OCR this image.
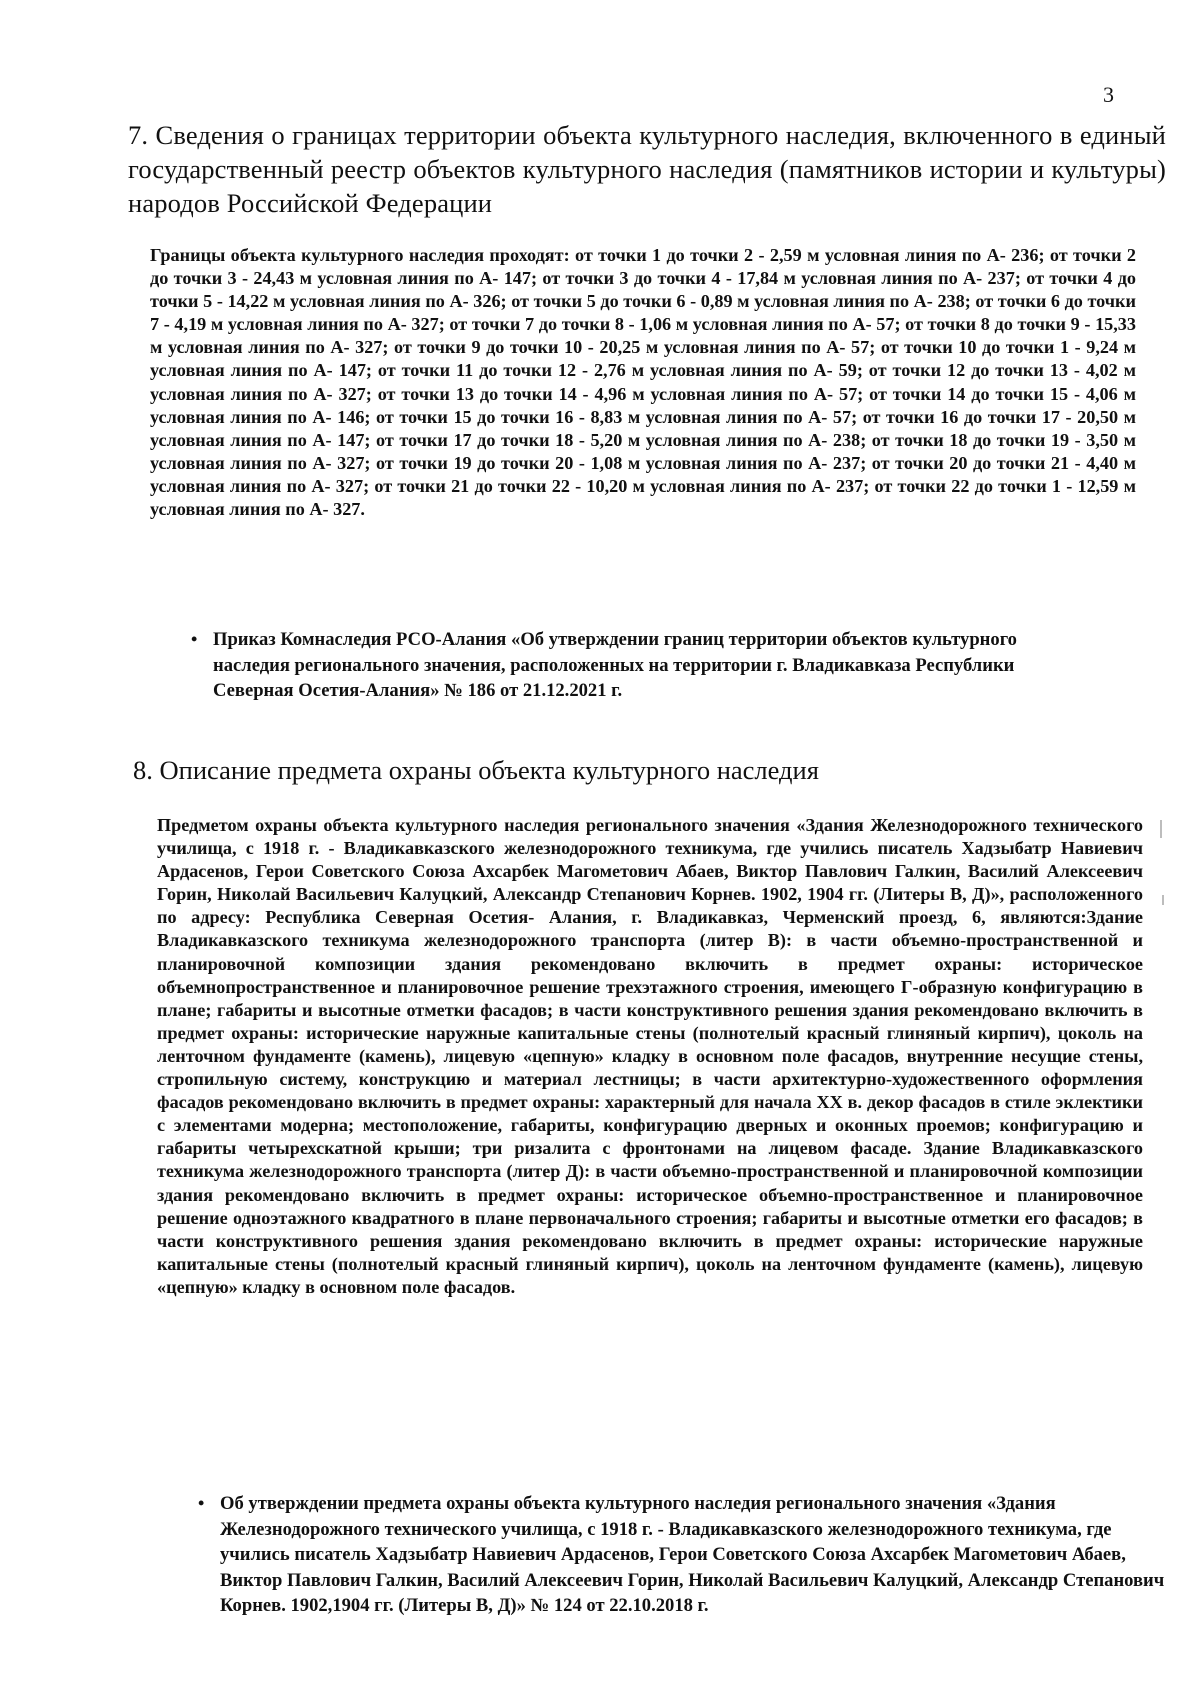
3
7. Сведения о границах территории объекта культурного наследия, включенного в единый государственный реестр объектов культурного наследия (памятников истории и культуры) народов Российской Федерации

Границы объекта культурного наследия проходят: от точки 1 до точки 2 - 2,59 м условная линия по А- 236; от точки 2 до точки 3 - 24,43 м условная линия по А- 147; от точки 3 до точки 4 - 17,84 м условная линия по А- 237; от точки 4 до точки 5 - 14,22 м условная линия по А- 326; от точки 5 до точки 6 - 0,89 м условная линия по А- 238; от точки 6 до точки 7 - 4,19 м условная линия по А- 327; от точки 7 до точки 8 - 1,06 м условная линия по А- 57; от точки 8 до точки 9 - 15,33 м условная линия по А- 327; от точки 9 до точки 10 - 20,25 м условная линия по А- 57; от точки 10 до точки 1 - 9,24 м условная линия по А- 147; от точки 11 до точки 12 - 2,76 м условная линия по А- 59; от точки 12 до точки 13 - 4,02 м условная линия по А- 327; от точки 13 до точки 14 - 4,96 м условная линия по А- 57; от точки 14 до точки 15 - 4,06 м условная линия по А- 146; от точки 15 до точки 16 - 8,83 м условная линия по А- 57; от точки 16 до точки 17 - 20,50 м условная линия по А- 147; от точки 17 до точки 18 - 5,20 м условная линия по А- 238; от точки 18 до точки 19 - 3,50 м условная линия по А- 327; от точки 19 до точки 20 - 1,08 м условная линия по А- 237; от точки 20 до точки 21 - 4,40 м условная линия по А- 327; от точки 21 до точки 22 - 10,20 м условная линия по А- 237; от точки 22 до точки 1 - 12,59 м условная линия по А- 327.

• Приказ Комнаследия РСО-Алания «Об утверждении границ территории объектов культурного наследия регионального значения, расположенных на территории г. Владикавказа Республики Северная Осетия-Алания» № 186 от 21.12.2021 г.
8. Описание предмета охраны объекта культурного наследия

Предметом охраны объекта культурного наследия регионального значения «Здания Железнодорожного технического училища, с 1918 г. - Владикавказского железнодорожного техникума, где учились писатель Хадзыбатр Навиевич Ардасенов, Герои Советского Союза Ахсарбек Магометович Абаев, Виктор Павлович Галкин, Василий Алексеевич Горин, Николай Васильевич Калуцкий, Александр Степанович Корнев. 1902, 1904 гг. (Литеры В, Д)», расположенного по адресу: Республика Северная Осетия- Алания, г. Владикавказ, Черменский проезд, 6, являются:Здание Владикавказского техникума железнодорожного транспорта (литер В): в части объемно-пространственной и планировочной композиции здания рекомендовано включить в предмет охраны: историческое объемнопространственное и планировочное решение трехэтажного строения, имеющего Г-образную конфигурацию в плане; габариты и высотные отметки фасадов; в части конструктивного решения здания рекомендовано включить в предмет охраны: исторические наружные капитальные стены (полнотелый красный глиняный кирпич), цоколь на ленточном фундаменте (камень), лицевую «цепную» кладку в основном поле фасадов, внутренние несущие стены, стропильную систему, конструкцию и материал лестницы; в части архитектурно-художественного оформления фасадов рекомендовано включить в предмет охраны: характерный для начала XX в. декор фасадов в стиле эклектики с элементами модерна; местоположение, габариты, конфигурацию дверных и оконных проемов; конфигурацию и габариты четырехскатной крыши; три ризалита с фронтонами на лицевом фасаде. Здание Владикавказского техникума железнодорожного транспорта (литер Д): в части объемно-пространственной и планировочной композиции здания рекомендовано включить в предмет охраны: историческое объемно-пространственное и планировочное решение одноэтажного квадратного в плане первоначального строения; габариты и высотные отметки его фасадов; в части конструктивного решения здания рекомендовано включить в предмет охраны: исторические наружные капитальные стены (полнотелый красный глиняный кирпич), цоколь на ленточном фундаменте (камень), лицевую «цепную» кладку в основном поле фасадов.

• Об утверждении предмета охраны объекта культурного наследия регионального значения «Здания Железнодорожного технического училища, с 1918 г. - Владикавказского железнодорожного техникума, где учились писатель Хадзыбатр Навиевич Ардасенов, Герои Советского Союза Ахсарбек Магометович Абаев, Виктор Павлович Галкин, Василий Алексеевич Горин, Николай Васильевич Калуцкий, Александр Степанович Корнев. 1902,1904 гг. (Литеры В, Д)» № 124 от 22.10.2018 г.
